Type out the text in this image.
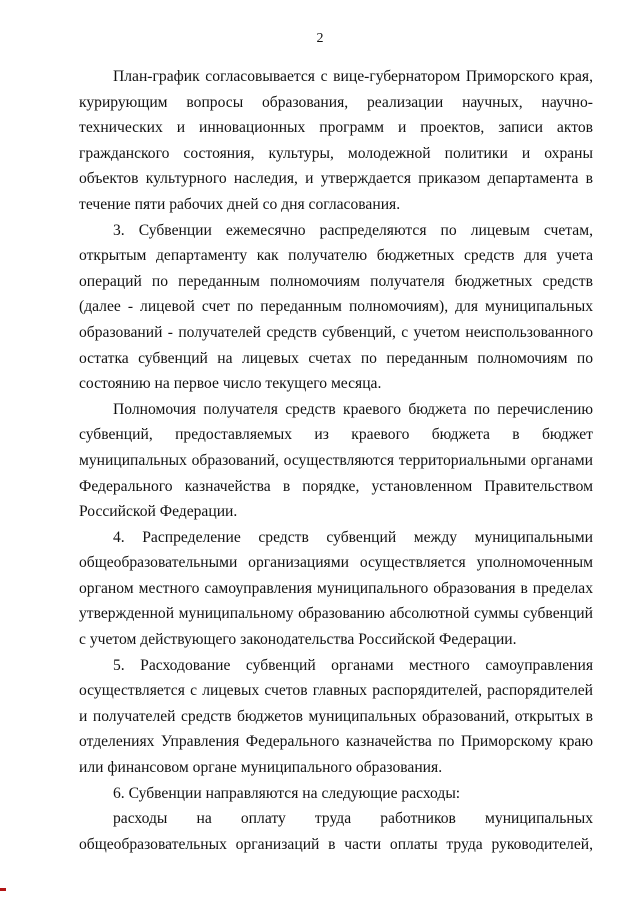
2

План-график согласовывается с вице-губернатором Приморского края, курирующим вопросы образования, реализации научных, научно-технических и инновационных программ и проектов, записи актов гражданского состояния, культуры, молодежной политики и охраны объектов культурного наследия, и утверждается приказом департамента в течение пяти рабочих дней со дня согласования.

3. Субвенции ежемесячно распределяются по лицевым счетам, открытым департаменту как получателю бюджетных средств для учета операций по переданным полномочиям получателя бюджетных средств (далее - лицевой счет по переданным полномочиям), для муниципальных образований - получателей средств субвенций, с учетом неиспользованного остатка субвенций на лицевых счетах по переданным полномочиям по состоянию на первое число текущего месяца.

Полномочия получателя средств краевого бюджета по перечислению субвенций, предоставляемых из краевого бюджета в бюджет муниципальных образований, осуществляются территориальными органами Федерального казначейства в порядке, установленном Правительством Российской Федерации.

4. Распределение средств субвенций между муниципальными общеобразовательными организациями осуществляется уполномоченным органом местного самоуправления муниципального образования в пределах утвержденной муниципальному образованию абсолютной суммы субвенций с учетом действующего законодательства Российской Федерации.

5. Расходование субвенций органами местного самоуправления осуществляется с лицевых счетов главных распорядителей, распорядителей и получателей средств бюджетов муниципальных образований, открытых в отделениях Управления Федерального казначейства по Приморскому краю или финансовом органе муниципального образования.

6. Субвенции направляются на следующие расходы:

расходы на оплату труда работников муниципальных общеобразовательных организаций в части оплаты труда руководителей,
